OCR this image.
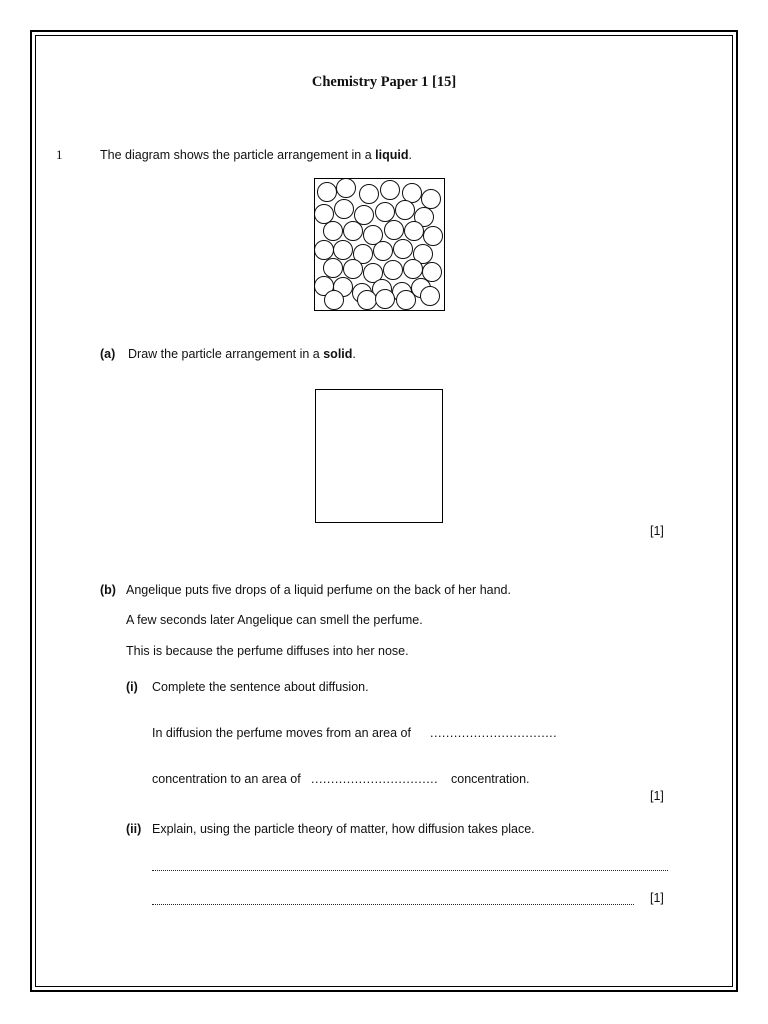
Chemistry Paper 1 [15]
1	The diagram shows the particle arrangement in a liquid.
(a) Draw the particle arrangement in a solid.
[1]
(b) Angelique puts five drops of a liquid perfume on the back of her hand.
A few seconds later Angelique can smell the perfume.
This is because the perfume diffuses into her nose.
(i) Complete the sentence about diffusion.
In diffusion the perfume moves from an area of ................................
concentration to an area of ................................ concentration.
[1]
(ii) Explain, using the particle theory of matter, how diffusion takes place.
[1]
